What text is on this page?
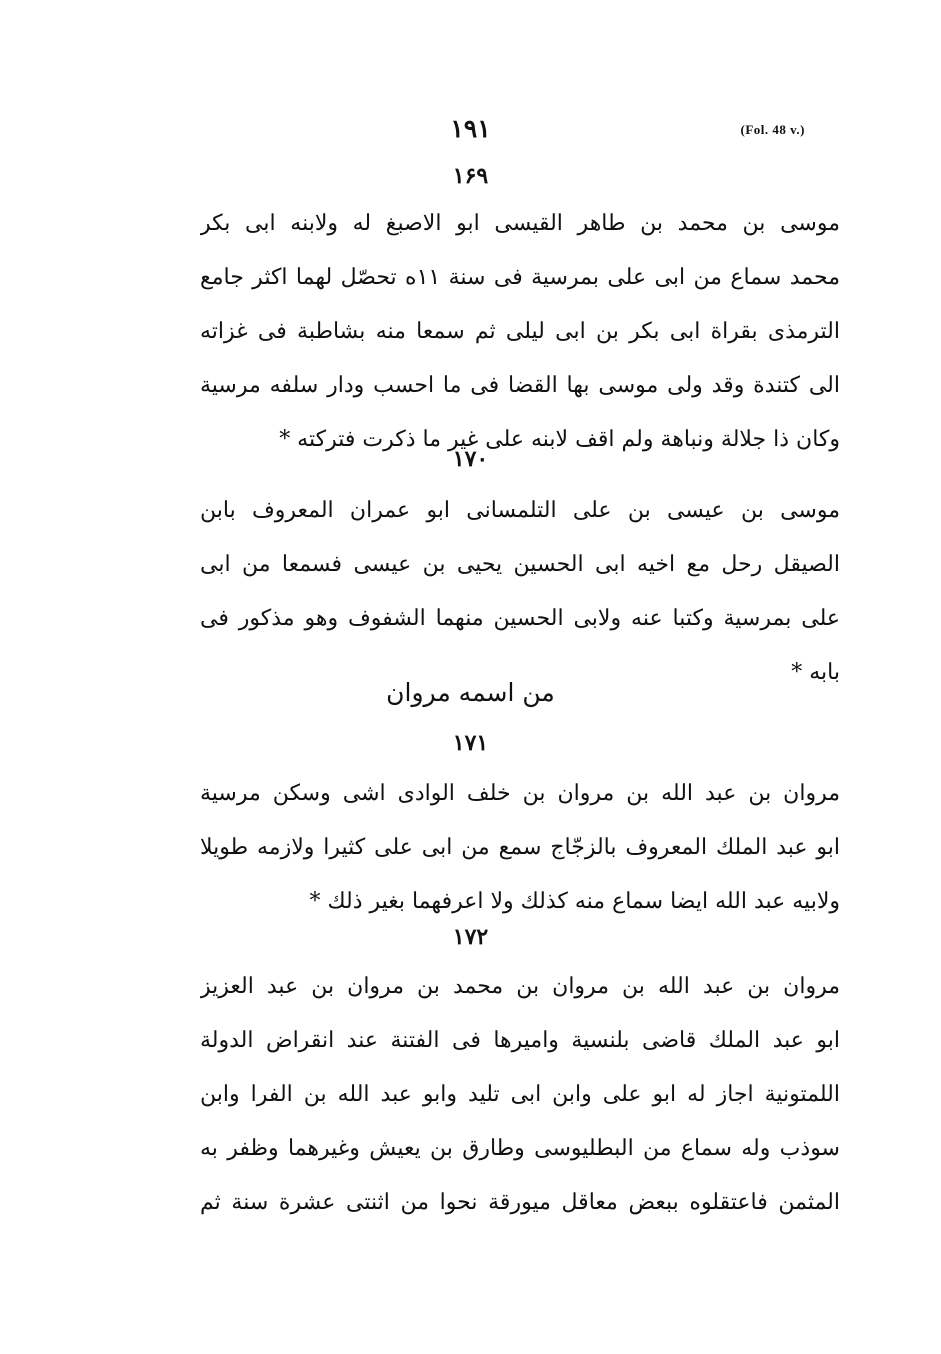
۱۹۱	(Fol. 48 v.)
۱۶۹
موسى بن محمد بن طاهر القيسى ابو الاصبغ له ولابنه ابى بكر
محمد سماع من ابى على بمرسية فى سنة ۱۱ه تحصّل لهما اكثر جامع
الترمذى بقراة ابى بكر بن ابى ليلى ثم سمعا منه بشاطبة فى غزاته
الى كتندة وقد ولى موسى بها القضا فى ما احسب ودار سلفه مرسية
وكان ذا جلالة ونباهة ولم اقف لابنه على غير ما ذكرت فتركته *
۱۷۰
موسى بن عيسى بن على التلمسانى ابو عمران المعروف بابن
الصيقل رحل مع اخيه ابى الحسين يحيى بن عيسى فسمعا من ابى
على بمرسية وكتبا عنه ولابى الحسين منهما الشفوف وهو مذكور فى
بابه *
من اسمه مروان
۱۷۱
مروان بن عبد الله بن مروان بن خلف الوادى اشى وسكن مرسية
ابو عبد الملك المعروف بالزجّاج سمع من ابى على كثيرا ولازمه طويلا
ولابيه عبد الله ايضا سماع منه كذلك ولا اعرفهما بغير ذلك *
۱۷۲
مروان بن عبد الله بن مروان بن محمد بن مروان بن عبد العزيز
ابو عبد الملك قاضى بلنسية واميرها فى الفتنة عند انقراض الدولة
اللمتونية اجاز له ابو على وابن ابى تليد وابو عبد الله بن الفرا وابن
سوذب وله سماع من البطليوسى وطارق بن يعيش وغيرهما وظفر به
المثمن فاعتقلوه ببعض معاقل ميورقة نحوا من اثنتى عشرة سنة ثم
